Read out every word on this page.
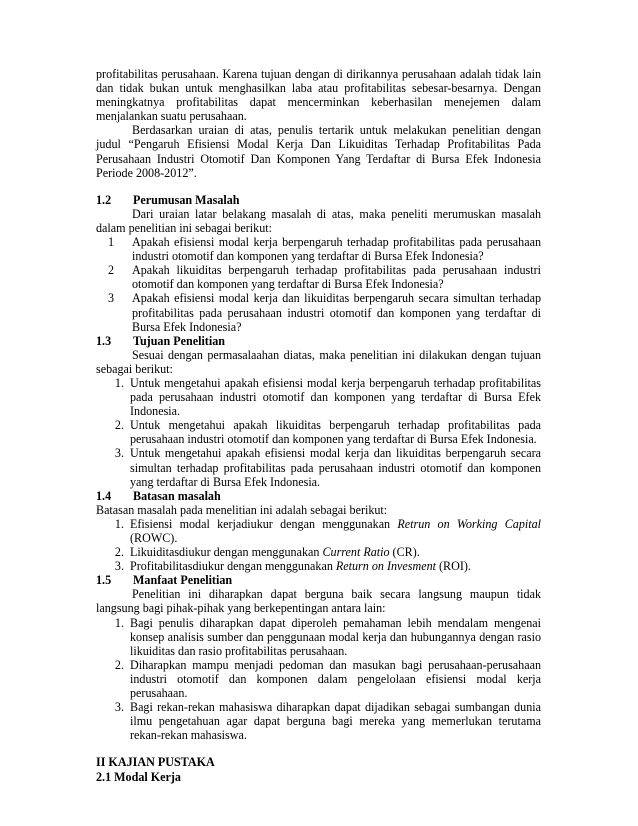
profitabilitas perusahaan. Karena tujuan dengan di dirikannya perusahaan adalah tidak lain dan tidak bukan untuk menghasilkan laba atau profitabilitas sebesar-besarnya. Dengan meningkatnya profitabilitas dapat mencerminkan keberhasilan menejemen dalam menjalankan suatu perusahaan.

Berdasarkan uraian di atas, penulis tertarik untuk melakukan penelitian dengan judul “Pengaruh Efisiensi Modal Kerja Dan Likuiditas Terhadap Profitabilitas Pada Perusahaan Industri Otomotif Dan Komponen Yang Terdaftar di Bursa Efek Indonesia Periode 2008-2012”.

1.2	Perumusan Masalah

Dari uraian latar belakang masalah di atas, maka peneliti merumuskan masalah dalam penelitian ini sebagai berikut:

1 Apakah efisiensi modal kerja berpengaruh terhadap profitabilitas pada perusahaan industri otomotif dan komponen yang terdaftar di Bursa Efek Indonesia?
2 Apakah likuiditas berpengaruh terhadap profitabilitas pada perusahaan industri otomotif dan komponen yang terdaftar di Bursa Efek Indonesia?
3 Apakah efisiensi modal kerja dan likuiditas berpengaruh secara simultan terhadap profitabilitas pada perusahaan industri otomotif dan komponen yang terdaftar di Bursa Efek Indonesia?
1.3	Tujuan Penelitian

Sesuai dengan permasalaahan diatas, maka penelitian ini dilakukan dengan tujuan sebagai berikut:

1. Untuk mengetahui apakah efisiensi modal kerja berpengaruh terhadap profitabilitas pada perusahaan industri otomotif dan komponen yang terdaftar di Bursa Efek Indonesia.
2. Untuk mengetahui apakah likuiditas berpengaruh terhadap profitabilitas pada perusahaan industri otomotif dan komponen yang terdaftar di Bursa Efek Indonesia.
3. Untuk mengetahui apakah efisiensi modal kerja dan likuiditas berpengaruh secara simultan terhadap profitabilitas pada perusahaan industri otomotif dan komponen yang terdaftar di Bursa Efek Indonesia.
1.4	Batasan masalah

Batasan masalah pada menelitian ini adalah sebagai berikut:

1. Efisiensi modal kerjadiukur dengan menggunakan Retrun on Working Capital (ROWC).
2. Likuiditasdiukur dengan menggunakan Current Ratio (CR).
3. Profitabilitasdiukur dengan menggunakan Return on Invesment (ROI).
1.5	Manfaat Penelitian

Penelitian ini diharapkan dapat berguna baik secara langsung maupun tidak langsung bagi pihak-pihak yang berkepentingan antara lain:

1. Bagi penulis diharapkan dapat diperoleh pemahaman lebih mendalam mengenai konsep analisis sumber dan penggunaan modal kerja dan hubungannya dengan rasio likuiditas dan rasio profitabilitas perusahaan.
2. Diharapkan mampu menjadi pedoman dan masukan bagi perusahaan-perusahaan industri otomotif dan komponen dalam pengelolaan efisiensi modal kerja perusahaan.
3. Bagi rekan-rekan mahasiswa diharapkan dapat dijadikan sebagai sumbangan dunia ilmu pengetahuan agar dapat berguna bagi mereka yang memerlukan terutama rekan-rekan mahasiswa.
II KAJIAN PUSTAKA
2.1 Modal Kerja
